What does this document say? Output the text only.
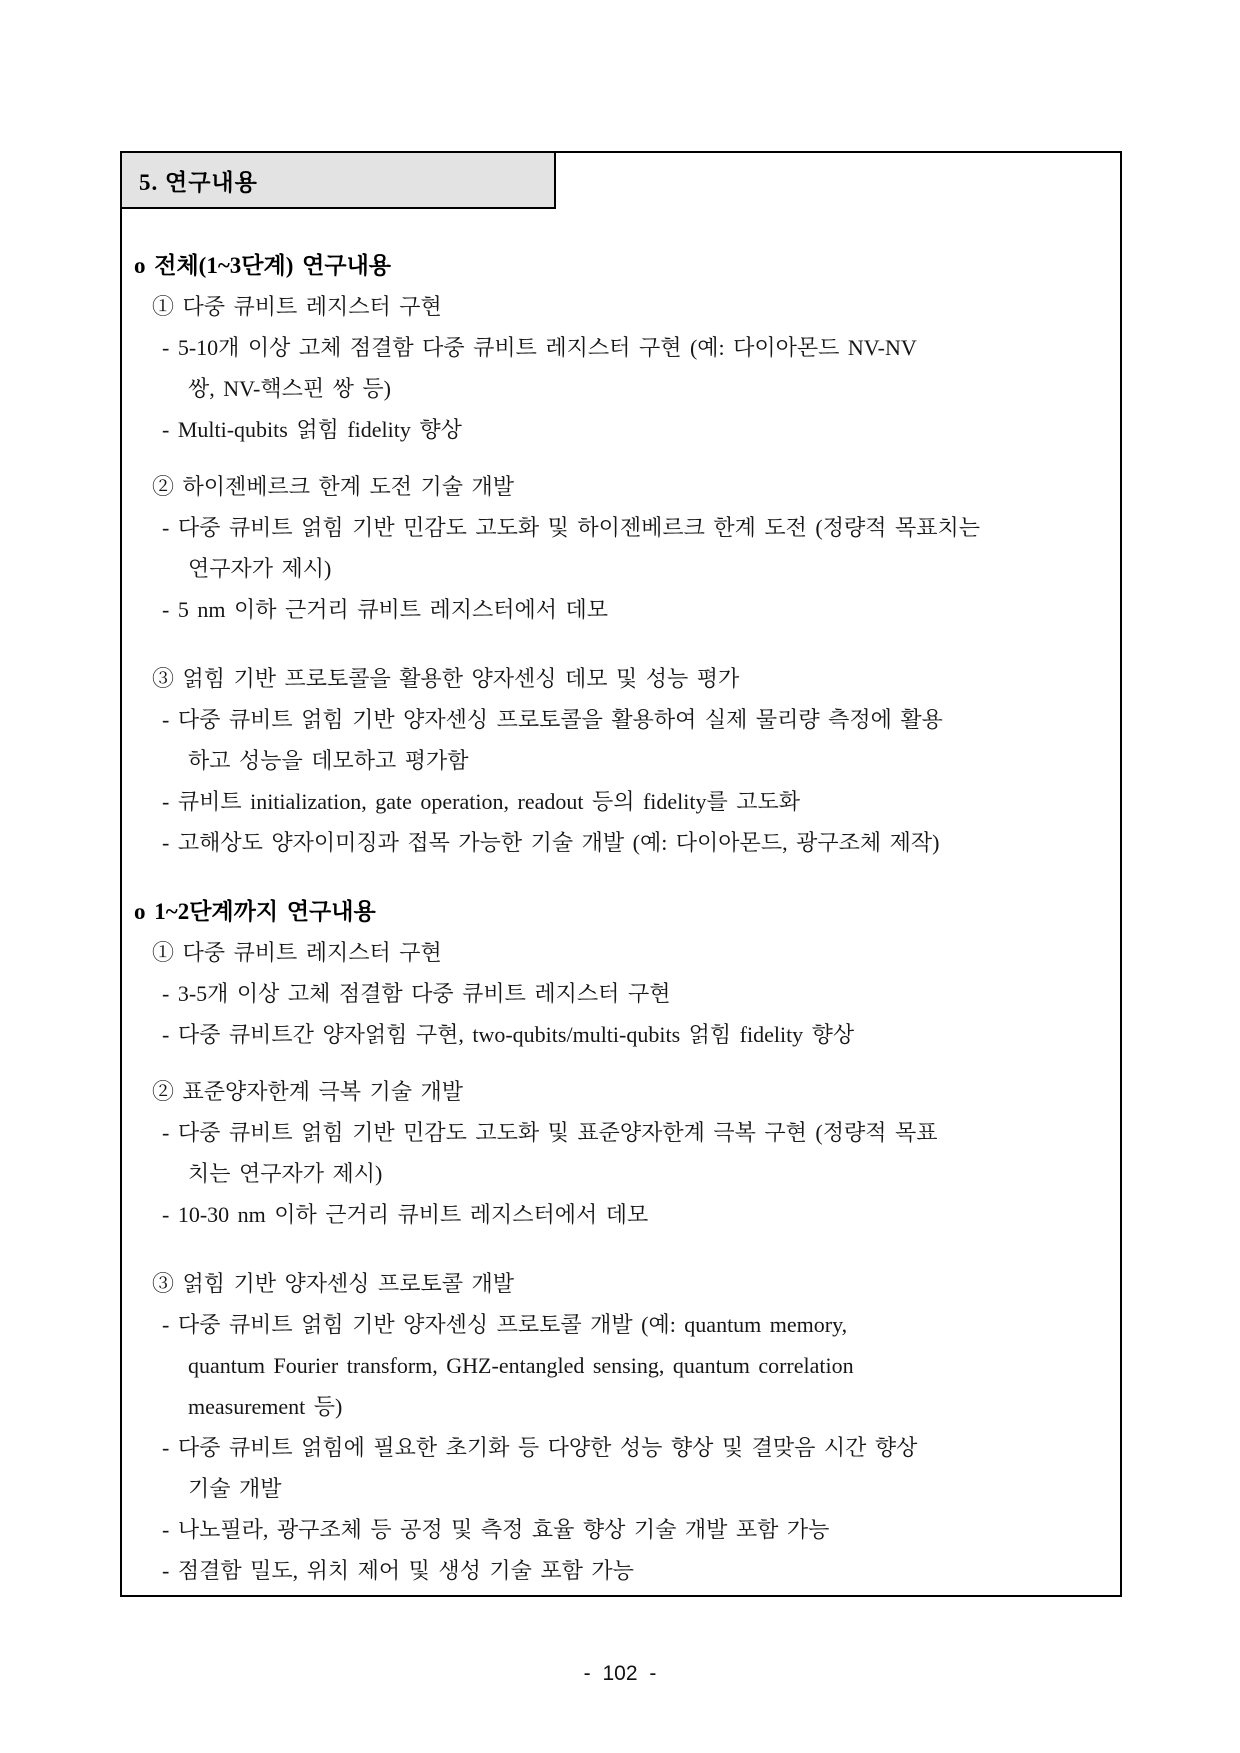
5. 연구내용
o 전체(1~3단계) 연구내용
① 다중 큐비트 레지스터 구현
- 5-10개 이상 고체 점결함 다중 큐비트 레지스터 구현 (예: 다이아몬드 NV-NV
쌍, NV-핵스핀 쌍 등)
- Multi-qubits 얽힘 fidelity 향상
② 하이젠베르크 한계 도전 기술 개발
- 다중 큐비트 얽힘 기반 민감도 고도화 및 하이젠베르크 한계 도전 (정량적 목표치는
연구자가 제시)
- 5 nm 이하 근거리 큐비트 레지스터에서 데모
③ 얽힘 기반 프로토콜을 활용한 양자센싱 데모 및 성능 평가
- 다중 큐비트 얽힘 기반 양자센싱 프로토콜을 활용하여 실제 물리량 측정에 활용
하고 성능을 데모하고 평가함
- 큐비트 initialization, gate operation, readout 등의 fidelity를 고도화
- 고해상도 양자이미징과 접목 가능한 기술 개발 (예: 다이아몬드, 광구조체 제작)
o 1~2단계까지 연구내용
① 다중 큐비트 레지스터 구현
- 3-5개 이상 고체 점결함 다중 큐비트 레지스터 구현
- 다중 큐비트간 양자얽힘 구현, two-qubits/multi-qubits 얽힘 fidelity 향상
② 표준양자한계 극복 기술 개발
- 다중 큐비트 얽힘 기반 민감도 고도화 및 표준양자한계 극복 구현 (정량적 목표
치는 연구자가 제시)
- 10-30 nm 이하 근거리 큐비트 레지스터에서 데모
③ 얽힘 기반 양자센싱 프로토콜 개발
- 다중 큐비트 얽힘 기반 양자센싱 프로토콜 개발 (예: quantum memory,
quantum Fourier transform, GHZ-entangled sensing, quantum correlation
measurement 등)
- 다중 큐비트 얽힘에 필요한 초기화 등 다양한 성능 향상 및 결맞음 시간 향상
기술 개발
- 나노필라, 광구조체 등 공정 및 측정 효율 향상 기술 개발 포함 가능
- 점결함 밀도, 위치 제어 및 생성 기술 포함 가능
- 102 -
